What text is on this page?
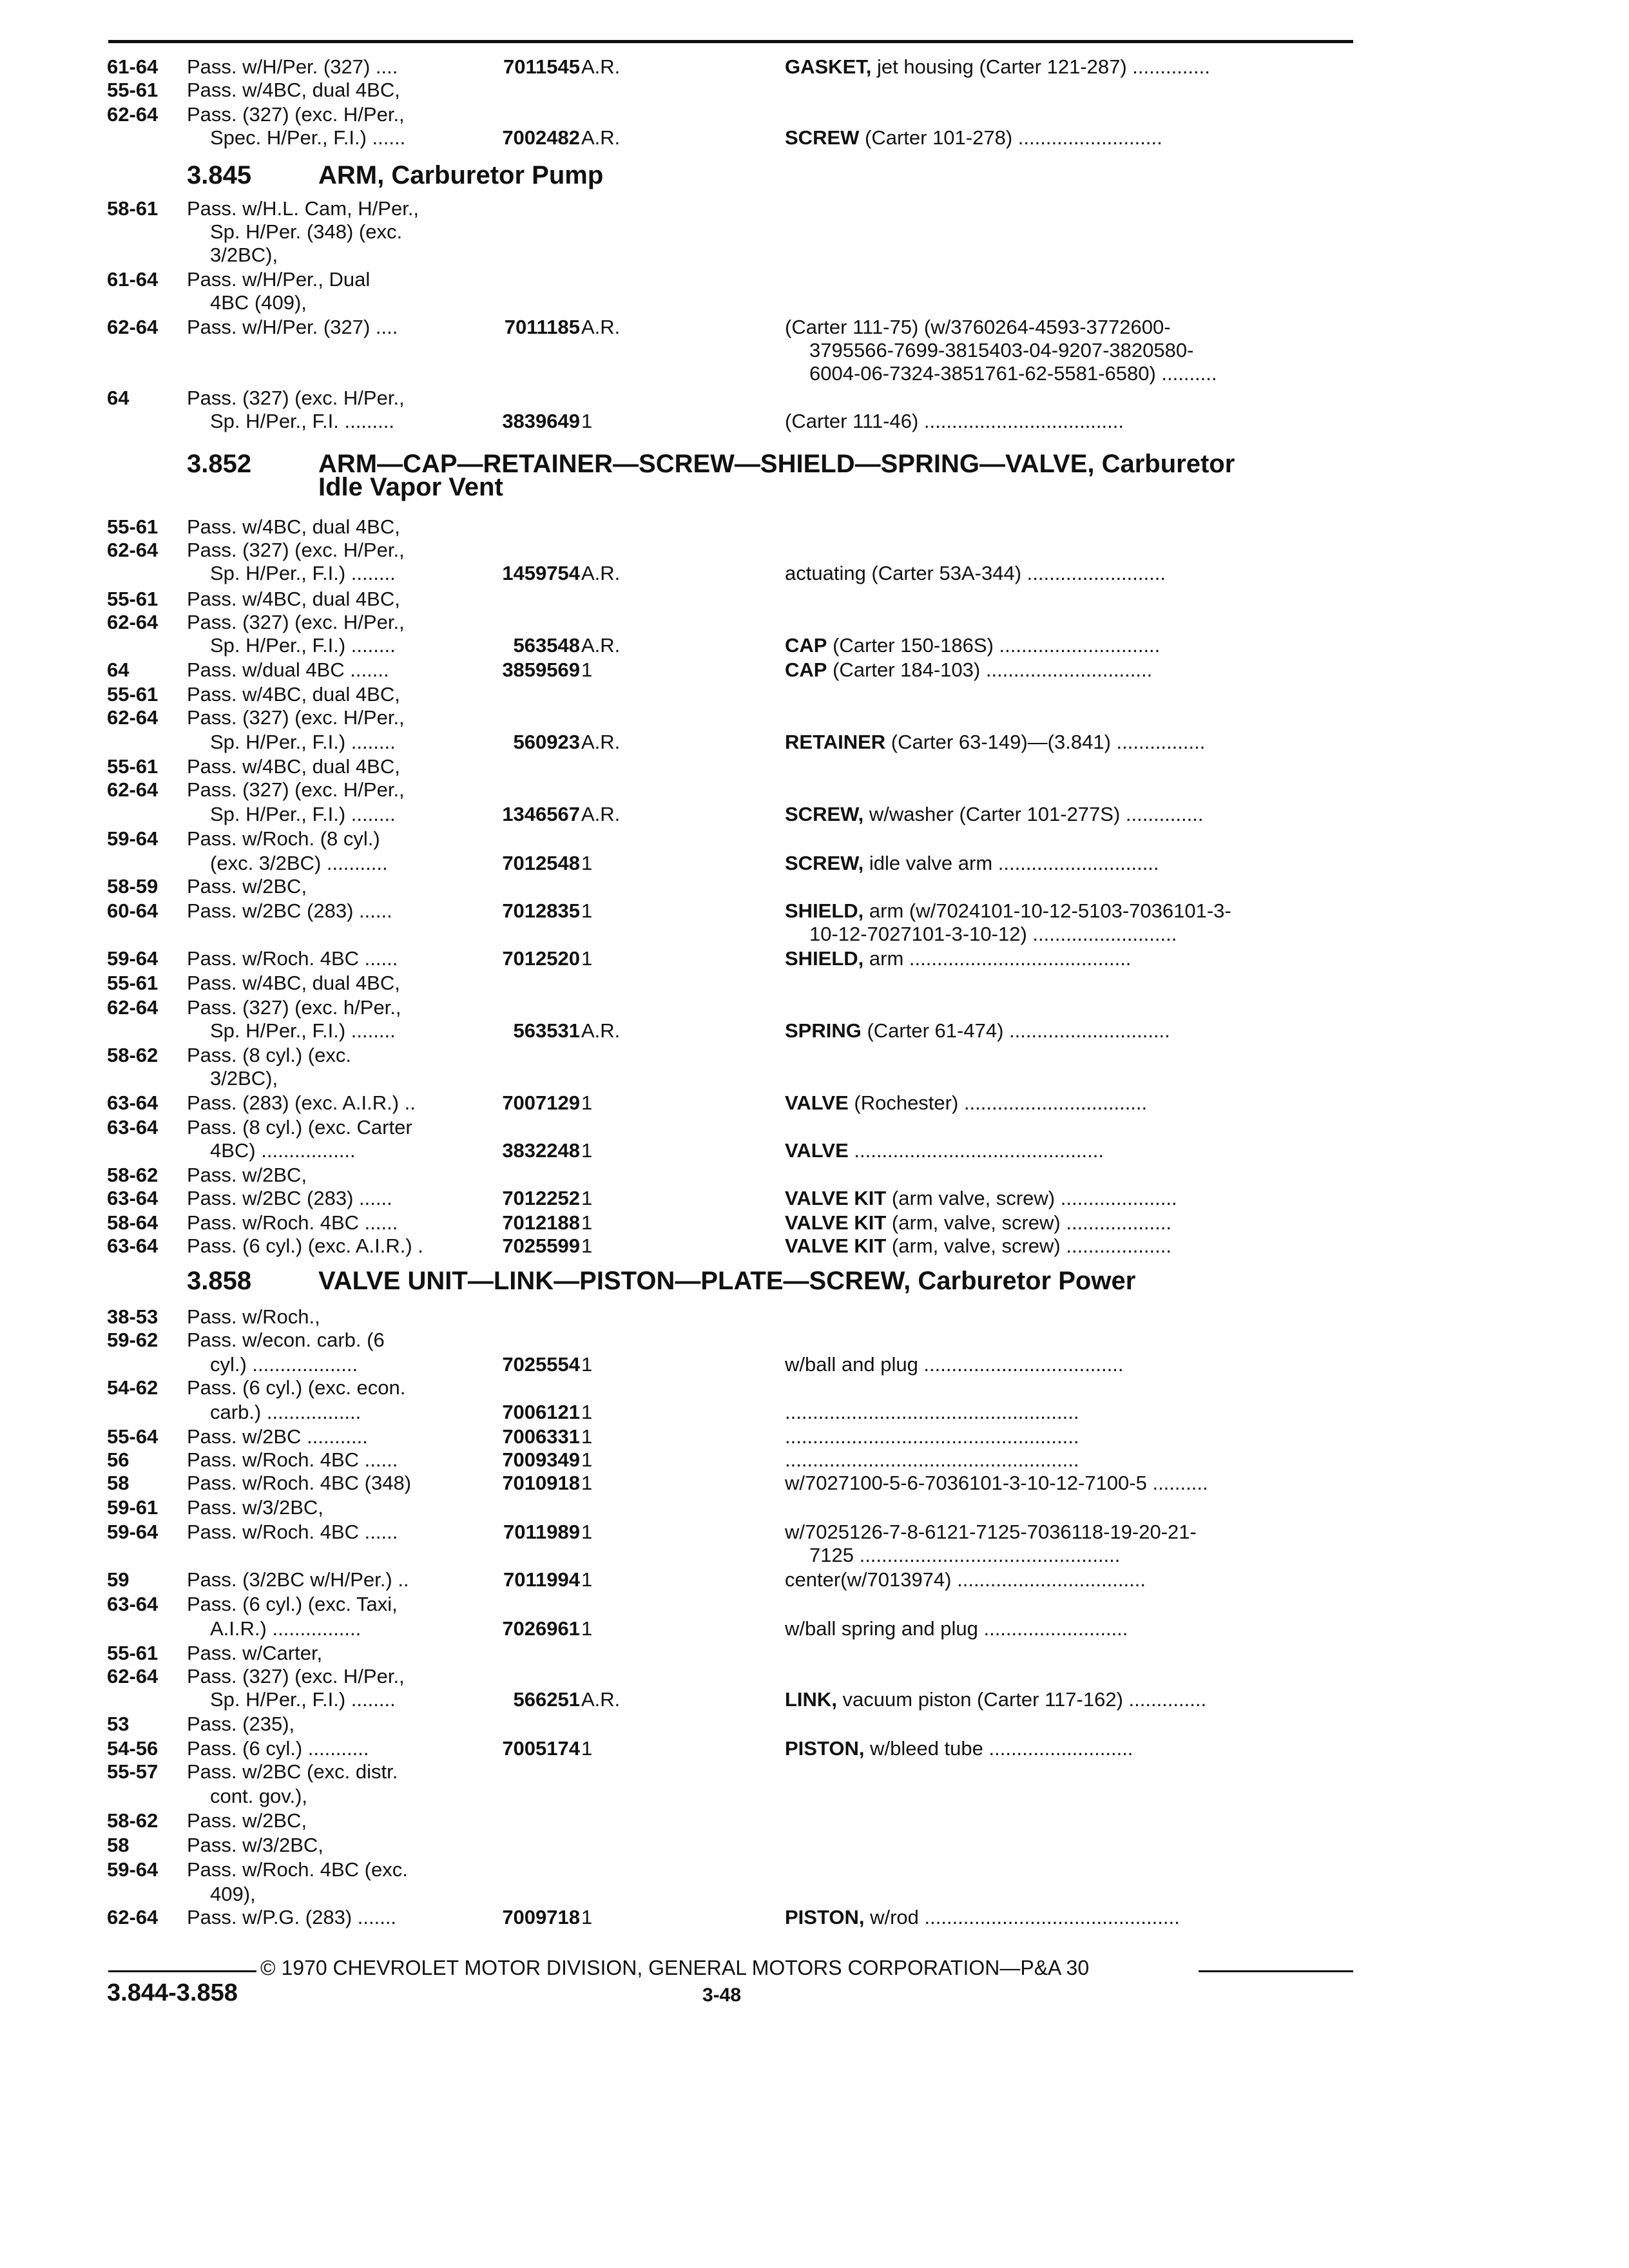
3.845	ARM, Carburetor Pump
3.852	ARM—CAP—RETAINER—SCREW—SHIELD—SPRING—VALVE, Carburetor
Idle Vapor Vent
3.858	VALVE UNIT—LINK—PISTON—PLATE—SCREW, Carburetor Power
61-64 Pass. w/H/Per. (327) ....	7011545 A.R.	GASKET, jet housing (Carter 121-287) ..............
55-61 Pass. w/4BC, dual 4BC,
62-64 Pass. (327) (exc. H/Per.,
Spec. H/Per., F.I.) ......	7002482 A.R.	SCREW (Carter 101-278) ..........................
58-61 Pass. w/H.L. Cam, H/Per.,
Sp. H/Per. (348) (exc.
3/2BC),
61-64 Pass. w/H/Per., Dual
4BC (409),
62-64 Pass. w/H/Per. (327) ....	7011185 A.R.	(Carter 111-75) (w/3760264-4593-3772600-
3795566-7699-3815403-04-9207-3820580-
6004-06-7324-3851761-62-5581-6580) ..........
64	Pass. (327) (exc. H/Per.,
Sp. H/Per., F.I. .........	3839649 1	(Carter 111-46) ....................................
55-61 Pass. w/4BC, dual 4BC,
62-64 Pass. (327) (exc. H/Per.,
Sp. H/Per., F.I.) ........	1459754 A.R.	actuating (Carter 53A-344) .........................
55-61 Pass. w/4BC, dual 4BC,
62-64 Pass. (327) (exc. H/Per.,
Sp. H/Per., F.I.) ........	563548 A.R.	CAP (Carter 150-186S) .............................
64	Pass. w/dual 4BC .......	3859569 1	CAP (Carter 184-103) ..............................
55-61 Pass. w/4BC, dual 4BC,
62-64 Pass. (327) (exc. H/Per.,
Sp. H/Per., F.I.) ........	560923 A.R.	RETAINER (Carter 63-149)—(3.841) ................
55-61 Pass. w/4BC, dual 4BC,
62-64 Pass. (327) (exc. H/Per.,
Sp. H/Per., F.I.) ........	1346567 A.R.	SCREW, w/washer (Carter 101-277S) ..............
59-64 Pass. w/Roch. (8 cyl.)
(exc. 3/2BC) ...........	7012548 1	SCREW, idle valve arm .............................
58-59 Pass. w/2BC,
60-64 Pass. w/2BC (283) ......	7012835 1	SHIELD, arm (w/7024101-10-12-5103-7036101-3-
10-12-7027101-3-10-12) ..........................
59-64 Pass. w/Roch. 4BC ......	7012520 1	SHIELD, arm ........................................
55-61 Pass. w/4BC, dual 4BC,
62-64 Pass. (327) (exc. h/Per.,
Sp. H/Per., F.I.) ........	563531 A.R.	SPRING (Carter 61-474) .............................
58-62 Pass. (8 cyl.) (exc.
3/2BC),
63-64 Pass. (283) (exc. A.I.R.) ..	7007129 1	VALVE (Rochester) .................................
63-64 Pass. (8 cyl.) (exc. Carter
4BC) .................	3832248 1	VALVE .............................................
58-62 Pass. w/2BC,
63-64 Pass. w/2BC (283) ......	7012252 1	VALVE KIT (arm valve, screw) .....................
58-64 Pass. w/Roch. 4BC ......	7012188 1	VALVE KIT (arm, valve, screw) ...................
63-64 Pass. (6 cyl.) (exc. A.I.R.) .	7025599 1	VALVE KIT (arm, valve, screw) ...................
38-53 Pass. w/Roch.,
59-62 Pass. w/econ. carb. (6
cyl.) ...................	7025554 1	w/ball and plug ....................................
54-62 Pass. (6 cyl.) (exc. econ.
carb.) .................	7006121 1	.....................................................
55-64 Pass. w/2BC ...........	7006331 1	.....................................................
56	Pass. w/Roch. 4BC ......	7009349 1	.....................................................
58	Pass. w/Roch. 4BC (348)	7010918 1	w/7027100-5-6-7036101-3-10-12-7100-5 ..........
59-61 Pass. w/3/2BC,
59-64 Pass. w/Roch. 4BC ......	7011989 1	w/7025126-7-8-6121-7125-7036118-19-20-21-
7125 ...............................................
59	Pass. (3/2BC w/H/Per.) ..	7011994 1	center(w/7013974) ..................................
63-64 Pass. (6 cyl.) (exc. Taxi,
A.I.R.) ................	7026961 1	w/ball spring and plug ..........................
55-61 Pass. w/Carter,
62-64 Pass. (327) (exc. H/Per.,
Sp. H/Per., F.I.) ........	566251 A.R.	LINK, vacuum piston (Carter 117-162) ..............
53	Pass. (235),
54-56 Pass. (6 cyl.) ...........	7005174 1	PISTON, w/bleed tube ..........................
55-57 Pass. w/2BC (exc. distr.
cont. gov.),
58-62 Pass. w/2BC,
58	Pass. w/3/2BC,
59-64 Pass. w/Roch. 4BC (exc.
409),
62-64 Pass. w/P.G. (283) .......	7009718 1	PISTON, w/rod ..............................................
© 1970 CHEVROLET MOTOR DIVISION, GENERAL MOTORS CORPORATION—P&A 30
3.844-3.858	3-48
